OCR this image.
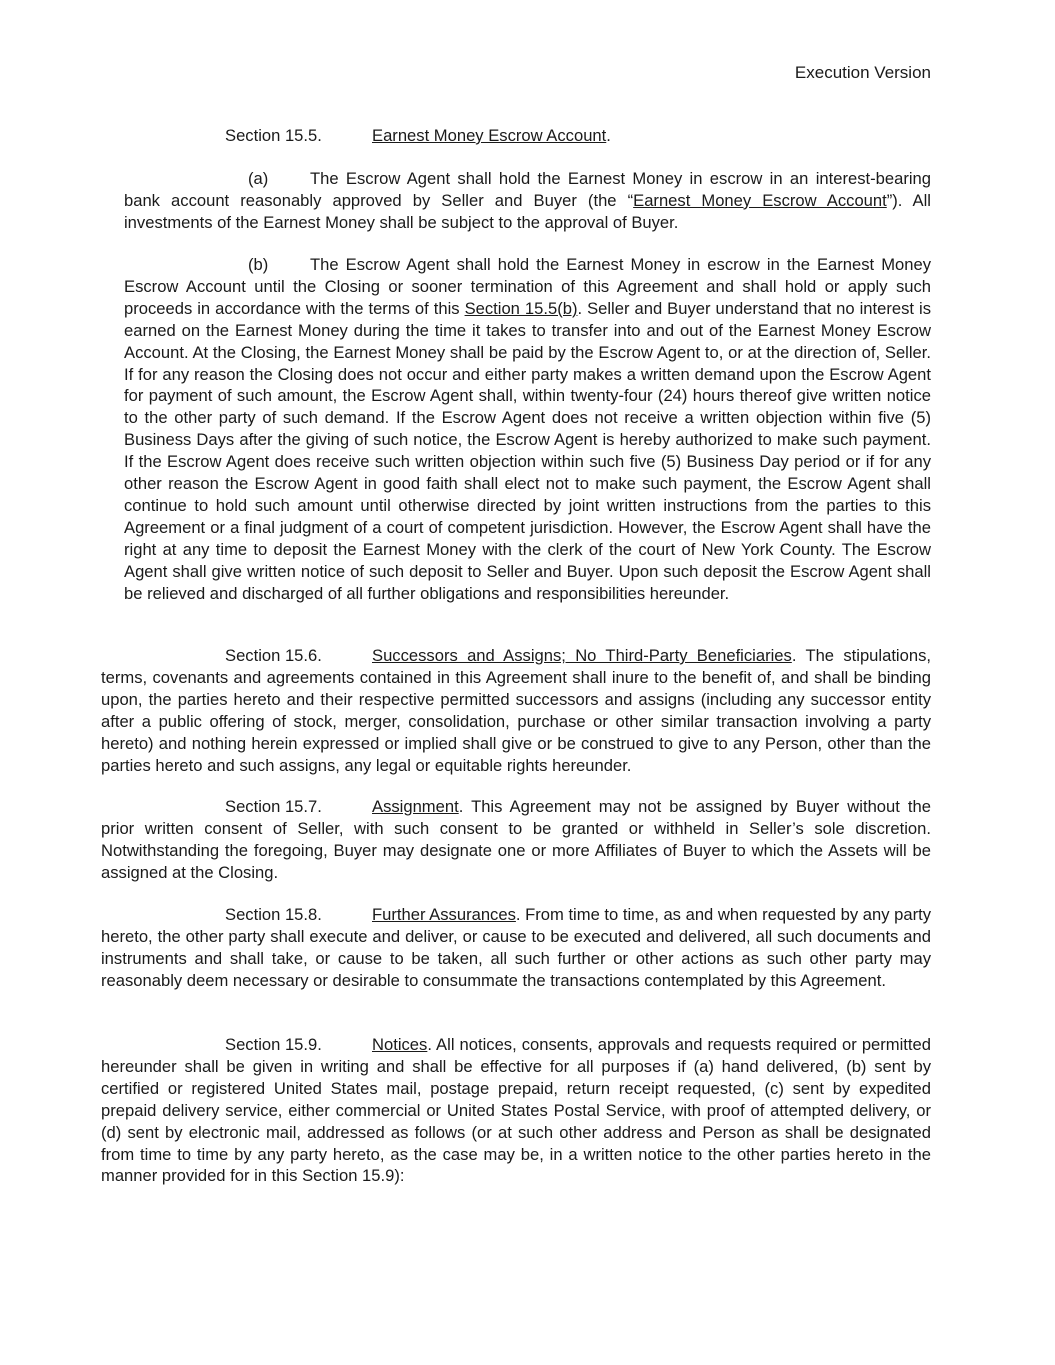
Execution Version

Section 15.5.	Earnest Money Escrow Account.

(a)	The Escrow Agent shall hold the Earnest Money in escrow in an interest-bearing bank account reasonably approved by Seller and Buyer (the “Earnest Money Escrow Account”). All investments of the Earnest Money shall be subject to the approval of Buyer.

(b)	The Escrow Agent shall hold the Earnest Money in escrow in the Earnest Money Escrow Account until the Closing or sooner termination of this Agreement and shall hold or apply such proceeds in accordance with the terms of this Section 15.5(b). Seller and Buyer understand that no interest is earned on the Earnest Money during the time it takes to transfer into and out of the Earnest Money Escrow Account. At the Closing, the Earnest Money shall be paid by the Escrow Agent to, or at the direction of, Seller. If for any reason the Closing does not occur and either party makes a written demand upon the Escrow Agent for payment of such amount, the Escrow Agent shall, within twenty-four (24) hours thereof give written notice to the other party of such demand. If the Escrow Agent does not receive a written objection within five (5) Business Days after the giving of such notice, the Escrow Agent is hereby authorized to make such payment. If the Escrow Agent does receive such written objection within such five (5) Business Day period or if for any other reason the Escrow Agent in good faith shall elect not to make such payment, the Escrow Agent shall continue to hold such amount until otherwise directed by joint written instructions from the parties to this Agreement or a final judgment of a court of competent jurisdiction. However, the Escrow Agent shall have the right at any time to deposit the Earnest Money with the clerk of the court of New York County. The Escrow Agent shall give written notice of such deposit to Seller and Buyer. Upon such deposit the Escrow Agent shall be relieved and discharged of all further obligations and responsibilities hereunder.

Section 15.6.	Successors and Assigns; No Third-Party Beneficiaries. The stipulations, terms, covenants and agreements contained in this Agreement shall inure to the benefit of, and shall be binding upon, the parties hereto and their respective permitted successors and assigns (including any successor entity after a public offering of stock, merger, consolidation, purchase or other similar transaction involving a party hereto) and nothing herein expressed or implied shall give or be construed to give to any Person, other than the parties hereto and such assigns, any legal or equitable rights hereunder.

Section 15.7.	Assignment. This Agreement may not be assigned by Buyer without the prior written consent of Seller, with such consent to be granted or withheld in Seller’s sole discretion. Notwithstanding the foregoing, Buyer may designate one or more Affiliates of Buyer to which the Assets will be assigned at the Closing.

Section 15.8.	Further Assurances. From time to time, as and when requested by any party hereto, the other party shall execute and deliver, or cause to be executed and delivered, all such documents and instruments and shall take, or cause to be taken, all such further or other actions as such other party may reasonably deem necessary or desirable to consummate the transactions contemplated by this Agreement.

Section 15.9.	Notices. All notices, consents, approvals and requests required or permitted hereunder shall be given in writing and shall be effective for all purposes if (a) hand delivered, (b) sent by certified or registered United States mail, postage prepaid, return receipt requested, (c) sent by expedited prepaid delivery service, either commercial or United States Postal Service, with proof of attempted delivery, or (d) sent by electronic mail, addressed as follows (or at such other address and Person as shall be designated from time to time by any party hereto, as the case may be, in a written notice to the other parties hereto in the manner provided for in this Section 15.9):
